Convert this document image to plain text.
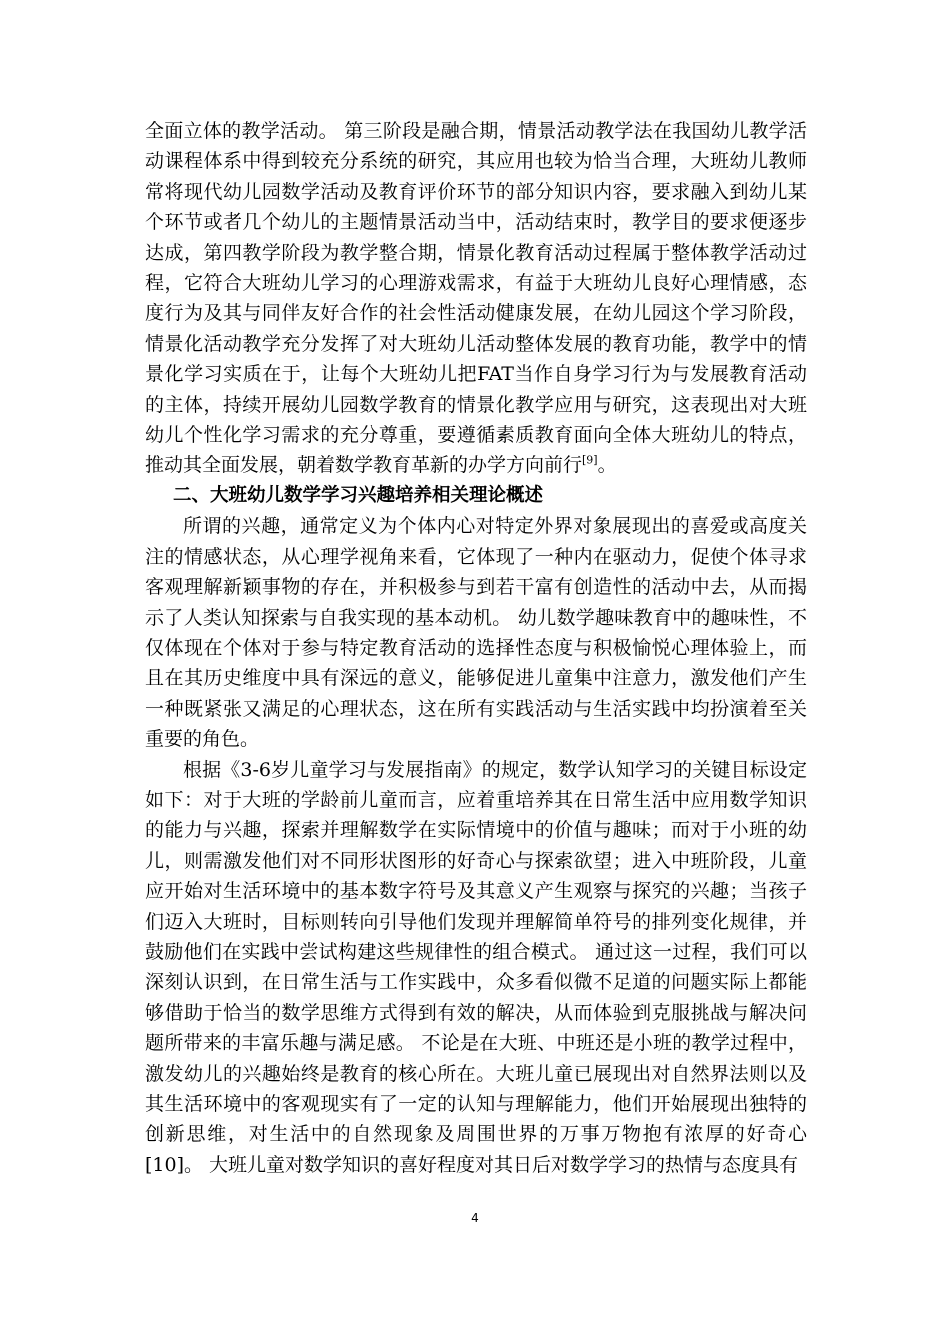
全面立体的教学活动。 第三阶段是融合期，情景活动教学法在我国幼儿教学活动课程体系中得到较充分系统的研究，其应用也较为恰当合理，大班幼儿教师常将现代幼儿园数学活动及教育评价环节的部分知识内容，要求融入到幼儿某个环节或者几个幼儿的主题情景活动当中，活动结束时，教学目的要求便逐步达成，第四教学阶段为教学整合期，情景化教育活动过程属于整体教学活动过程，它符合大班幼儿学习的心理游戏需求，有益于大班幼儿良好心理情感，态度行为及其与同伴友好合作的社会性活动健康发展，在幼儿园这个学习阶段，情景化活动教学充分发挥了对大班幼儿活动整体发展的教育功能，教学中的情景化学习实质在于，让每个大班幼儿把FAT当作自身学习行为与发展教育活动的主体，持续开展幼儿园数学教育的情景化教学应用与研究，这表现出对大班幼儿个性化学习需求的充分尊重，要遵循素质教育面向全体大班幼儿的特点，推动其全面发展，朝着数学教育革新的办学方向前行[9]。

二、大班幼儿数学学习兴趣培养相关理论概述

所谓的兴趣，通常定义为个体内心对特定外界对象展现出的喜爱或高度关注的情感状态，从心理学视角来看，它体现了一种内在驱动力，促使个体寻求客观理解新颖事物的存在，并积极参与到若干富有创造性的活动中去，从而揭示了人类认知探索与自我实现的基本动机。 幼儿数学趣味教育中的趣味性，不仅体现在个体对于参与特定教育活动的选择性态度与积极愉悦心理体验上，而且在其历史维度中具有深远的意义，能够促进儿童集中注意力，激发他们产生一种既紧张又满足的心理状态，这在所有实践活动与生活实践中均扮演着至关重要的角色。

根据《3-6岁儿童学习与发展指南》的规定，数学认知学习的关键目标设定如下：对于大班的学龄前儿童而言，应着重培养其在日常生活中应用数学知识的能力与兴趣，探索并理解数学在实际情境中的价值与趣味；而对于小班的幼儿，则需激发他们对不同形状图形的好奇心与探索欲望；进入中班阶段，儿童应开始对生活环境中的基本数字符号及其意义产生观察与探究的兴趣；当孩子们迈入大班时，目标则转向引导他们发现并理解简单符号的排列变化规律，并鼓励他们在实践中尝试构建这些规律性的组合模式。 通过这一过程，我们可以深刻认识到，在日常生活与工作实践中，众多看似微不足道的问题实际上都能够借助于恰当的数学思维方式得到有效的解决，从而体验到克服挑战与解决问题所带来的丰富乐趣与满足感。 不论是在大班、中班还是小班的教学过程中，激发幼儿的兴趣始终是教育的核心所在。大班儿童已展现出对自然界法则以及其生活环境中的客观现实有了一定的认知与理解能力，他们开始展现出独特的创新思维，对生活中的自然现象及周围世界的万事万物抱有浓厚的好奇心[10]。 大班儿童对数学知识的喜好程度对其日后对数学学习的热情与态度具有

4
